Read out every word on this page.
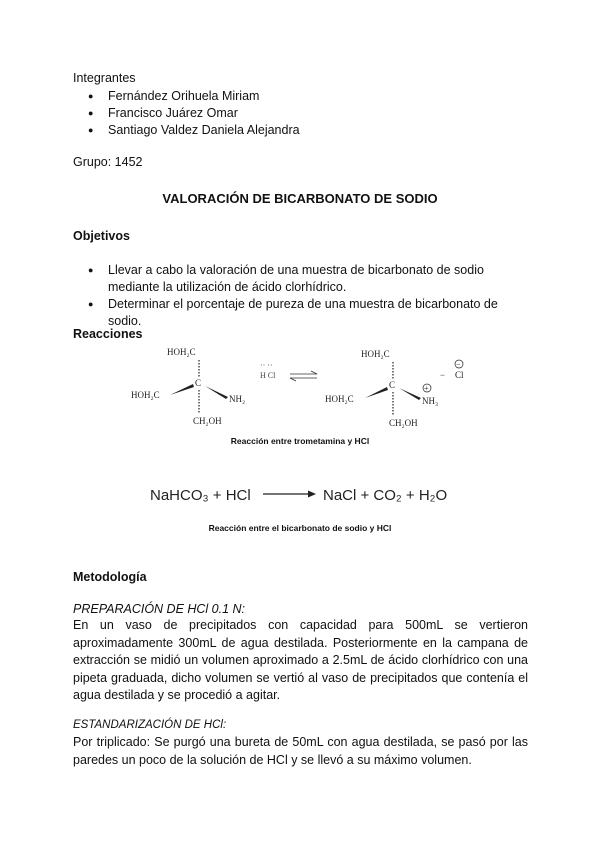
Integrantes
● Fernández Orihuela Miriam
● Francisco Juárez Omar
● Santiago Valdez Daniela Alejandra
Grupo: 1452
VALORACIÓN DE BICARBONATO DE SODIO
Objetivos
● Llevar a cabo la valoración de una muestra de bicarbonato de sodio mediante la utilización de ácido clorhídrico.
● Determinar el porcentaje de pureza de una muestra de bicarbonato de sodio.
Reacciones
HOH₂C
C
HOH₂C	NH₂
CH₂OH
·· ··
H Cl
HOH₂C
C
HOH₂C	NH₃
CH₂OH
+
−
− Cl
Reacción entre trometamina y HCl
NaHCO₃ + HCl	NaCl + CO₂ + H₂O
Reacción entre el bicarbonato de sodio y HCl
Metodología
PREPARACIÓN DE HCl 0.1 N:
En un vaso de precipitados con capacidad para 500mL se vertieron aproximadamente 300mL de agua destilada. Posteriormente en la campana de extracción se midió un volumen aproximado a 2.5mL de ácido clorhídrico con una pipeta graduada, dicho volumen se vertió al vaso de precipitados que contenía el agua destilada y se procedió a agitar.
ESTANDARIZACIÓN DE HCl:
Por triplicado: Se purgó una bureta de 50mL con agua destilada, se pasó por las paredes un poco de la solución de HCl y se llevó a su máximo volumen.
